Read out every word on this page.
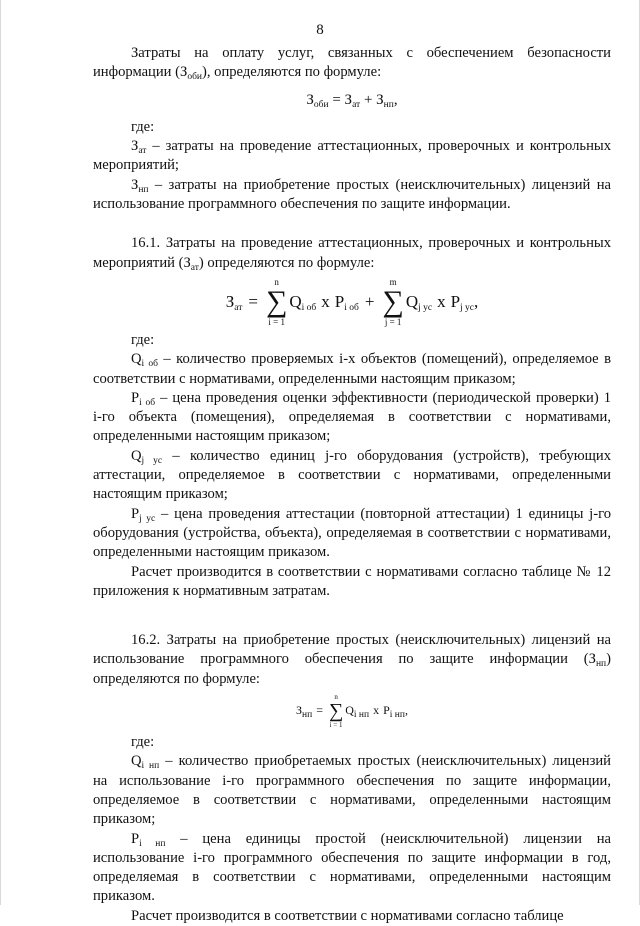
8

Затраты на оплату услуг, связанных с обеспечением безопасности информации $(З_{оби})$, определяются по формуле:

$З_{оби} = З_{ат} + З_{нп}$,

где:

$З_{ат}$ – затраты на проведение аттестационных, проверочных и контрольных мероприятий;

$З_{нп}$ – затраты на приобретение простых (неисключительных) лицензий на использование программного обеспечения по защите информации.

16.1. Затраты на проведение аттестационных, проверочных и контрольных мероприятий $(З_{ат})$ определяются по формуле:

$З_{ат}$ =
n
∑
i = 1
$Q_{i об}$ x $P_{i об}$ +
m
∑
j = 1
$Q_{j ус}$ x $P_{j ус}$ ,

где:

$Q_{i об}$ – количество проверяемых i-х объектов (помещений), определяемое в соответствии с нормативами, определенными настоящим приказом;

$P_{i об}$ – цена проведения оценки эффективности (периодической проверки) 1 i-го объекта (помещения), определяемая в соответствии с нормативами, определенными настоящим приказом;

$Q_{j ус}$ – количество единиц j-го оборудования (устройств), требующих аттестации, определяемое в соответствии с нормативами, определенными настоящим приказом;

$P_{j ус}$ – цена проведения аттестации (повторной аттестации) 1 единицы j-го оборудования (устройства, объекта), определяемая в соответствии с нормативами, определенными настоящим приказом.

Расчет производится в соответствии с нормативами согласно таблице № 12 приложения к нормативным затратам.

16.2. Затраты на приобретение простых (неисключительных) лицензий на использование программного обеспечения по защите информации $(З_{нп})$ определяются по формуле:

$З_{нп}$ =
n
∑
i = 1
$Q_{i нп}$ x $P_{i нп}$ ,

где:

$Q_{i нп}$ – количество приобретаемых простых (неисключительных) лицензий на использование i-го программного обеспечения по защите информации, определяемое в соответствии с нормативами, определенными настоящим приказом;

$P_{i нп}$ – цена единицы простой (неисключительной) лицензии на использование i-го программного обеспечения по защите информации в год, определяемая в соответствии с нормативами, определенными настоящим приказом.

Расчет производится в соответствии с нормативами согласно таблице
